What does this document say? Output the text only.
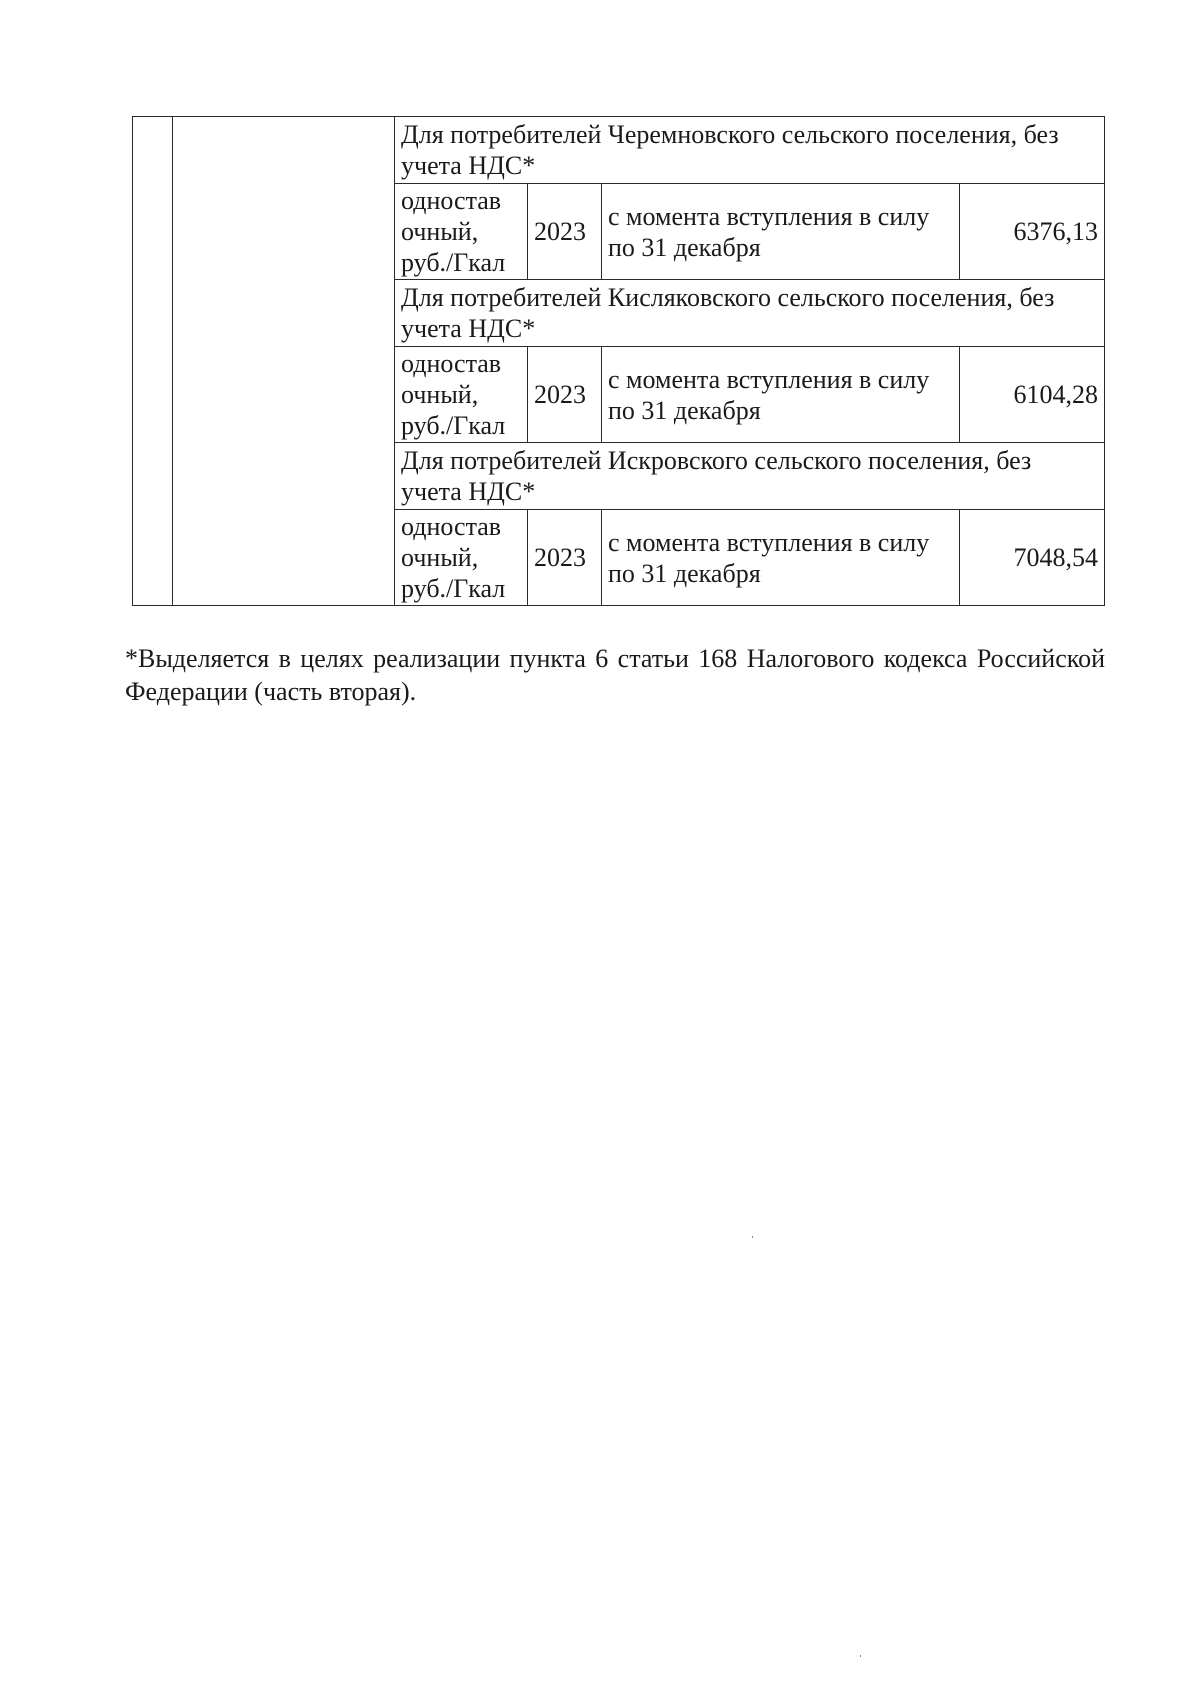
		Для потребителей Черемновского сельского поселения, без учета НДС*			
		одностав
очный,
руб./Гкал	2023	с момента вступления в силу по 31 декабря	6376,13
		Для потребителей Кисляковского сельского поселения, без учета НДС*			
		одностав
очный,
руб./Гкал	2023	с момента вступления в силу по 31 декабря	6104,28
		Для потребителей Искровского сельского поселения, без учета НДС*			
		одностав
очный,
руб./Гкал	2023	с момента вступления в силу по 31 декабря	7048,54

*Выделяется в целях реализации пункта 6 статьи 168 Налогового кодекса Российской Федерации (часть вторая).
